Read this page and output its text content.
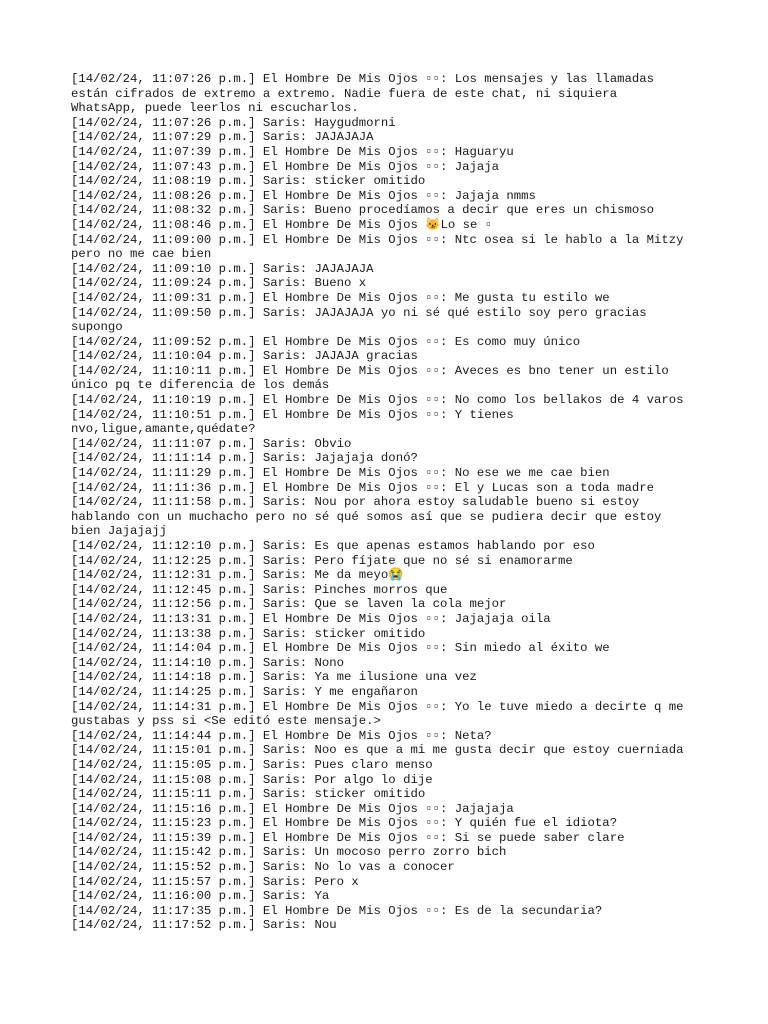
[14/02/24, 11:07:26 p.m.] El Hombre De Mis Ojos ▫▫: Los mensajes y las llamadas
están cifrados de extremo a extremo. Nadie fuera de este chat, ni siquiera
WhatsApp, puede leerlos ni escucharlos.
[14/02/24, 11:07:26 p.m.] Saris: Haygudmorni
[14/02/24, 11:07:29 p.m.] Saris: JAJAJAJA
[14/02/24, 11:07:39 p.m.] El Hombre De Mis Ojos ▫▫: Haguaryu
[14/02/24, 11:07:43 p.m.] El Hombre De Mis Ojos ▫▫: Jajaja
[14/02/24, 11:08:19 p.m.] Saris: sticker omitido
[14/02/24, 11:08:26 p.m.] El Hombre De Mis Ojos ▫▫: Jajaja nmms
[14/02/24, 11:08:32 p.m.] Saris: Bueno procedíamos a decir que eres un chismoso
[14/02/24, 11:08:46 p.m.] El Hombre De Mis Ojos 😼Lo se ▫
[14/02/24, 11:09:00 p.m.] El Hombre De Mis Ojos ▫▫: Ntc osea si le hablo a la Mitzy
pero no me cae bien
[14/02/24, 11:09:10 p.m.] Saris: JAJAJAJA
[14/02/24, 11:09:24 p.m.] Saris: Bueno x
[14/02/24, 11:09:31 p.m.] El Hombre De Mis Ojos ▫▫: Me gusta tu estilo we
[14/02/24, 11:09:50 p.m.] Saris: JAJAJAJA yo ni sé qué estilo soy pero gracias
supongo
[14/02/24, 11:09:52 p.m.] El Hombre De Mis Ojos ▫▫: Es como muy único
[14/02/24, 11:10:04 p.m.] Saris: JAJAJA gracias
[14/02/24, 11:10:11 p.m.] El Hombre De Mis Ojos ▫▫: Aveces es bno tener un estilo
único pq te diferencia de los demás
[14/02/24, 11:10:19 p.m.] El Hombre De Mis Ojos ▫▫: No como los bellakos de 4 varos
[14/02/24, 11:10:51 p.m.] El Hombre De Mis Ojos ▫▫: Y tienes
nvo,ligue,amante,quédate?
[14/02/24, 11:11:07 p.m.] Saris: Obvio
[14/02/24, 11:11:14 p.m.] Saris: Jajajaja donó?
[14/02/24, 11:11:29 p.m.] El Hombre De Mis Ojos ▫▫: No ese we me cae bien
[14/02/24, 11:11:36 p.m.] El Hombre De Mis Ojos ▫▫: El y Lucas son a toda madre
[14/02/24, 11:11:58 p.m.] Saris: Nou por ahora estoy saludable bueno si estoy
hablando con un muchacho pero no sé qué somos así que se pudiera decir que estoy
bien Jajajajj
[14/02/24, 11:12:10 p.m.] Saris: Es que apenas estamos hablando por eso
[14/02/24, 11:12:25 p.m.] Saris: Pero fíjate que no sé si enamorarme
[14/02/24, 11:12:31 p.m.] Saris: Me da meyo😭
[14/02/24, 11:12:45 p.m.] Saris: Pinches morros que
[14/02/24, 11:12:56 p.m.] Saris: Que se laven la cola mejor
[14/02/24, 11:13:31 p.m.] El Hombre De Mis Ojos ▫▫: Jajajaja oila
[14/02/24, 11:13:38 p.m.] Saris: sticker omitido
[14/02/24, 11:14:04 p.m.] El Hombre De Mis Ojos ▫▫: Sin miedo al éxito we
[14/02/24, 11:14:10 p.m.] Saris: Nono
[14/02/24, 11:14:18 p.m.] Saris: Ya me ilusione una vez
[14/02/24, 11:14:25 p.m.] Saris: Y me engañaron
[14/02/24, 11:14:31 p.m.] El Hombre De Mis Ojos ▫▫: Yo le tuve miedo a decirte q me
gustabas y pss si <Se editó este mensaje.>
[14/02/24, 11:14:44 p.m.] El Hombre De Mis Ojos ▫▫: Neta?
[14/02/24, 11:15:01 p.m.] Saris: Noo es que a mi me gusta decir que estoy cuerniada
[14/02/24, 11:15:05 p.m.] Saris: Pues claro menso
[14/02/24, 11:15:08 p.m.] Saris: Por algo lo dije
[14/02/24, 11:15:11 p.m.] Saris: sticker omitido
[14/02/24, 11:15:16 p.m.] El Hombre De Mis Ojos ▫▫: Jajajaja
[14/02/24, 11:15:23 p.m.] El Hombre De Mis Ojos ▫▫: Y quién fue el idiota?
[14/02/24, 11:15:39 p.m.] El Hombre De Mis Ojos ▫▫: Si se puede saber clare
[14/02/24, 11:15:42 p.m.] Saris: Un mocoso perro zorro bich
[14/02/24, 11:15:52 p.m.] Saris: No lo vas a conocer
[14/02/24, 11:15:57 p.m.] Saris: Pero x
[14/02/24, 11:16:00 p.m.] Saris: Ya
[14/02/24, 11:17:35 p.m.] El Hombre De Mis Ojos ▫▫: Es de la secundaria?
[14/02/24, 11:17:52 p.m.] Saris: Nou
